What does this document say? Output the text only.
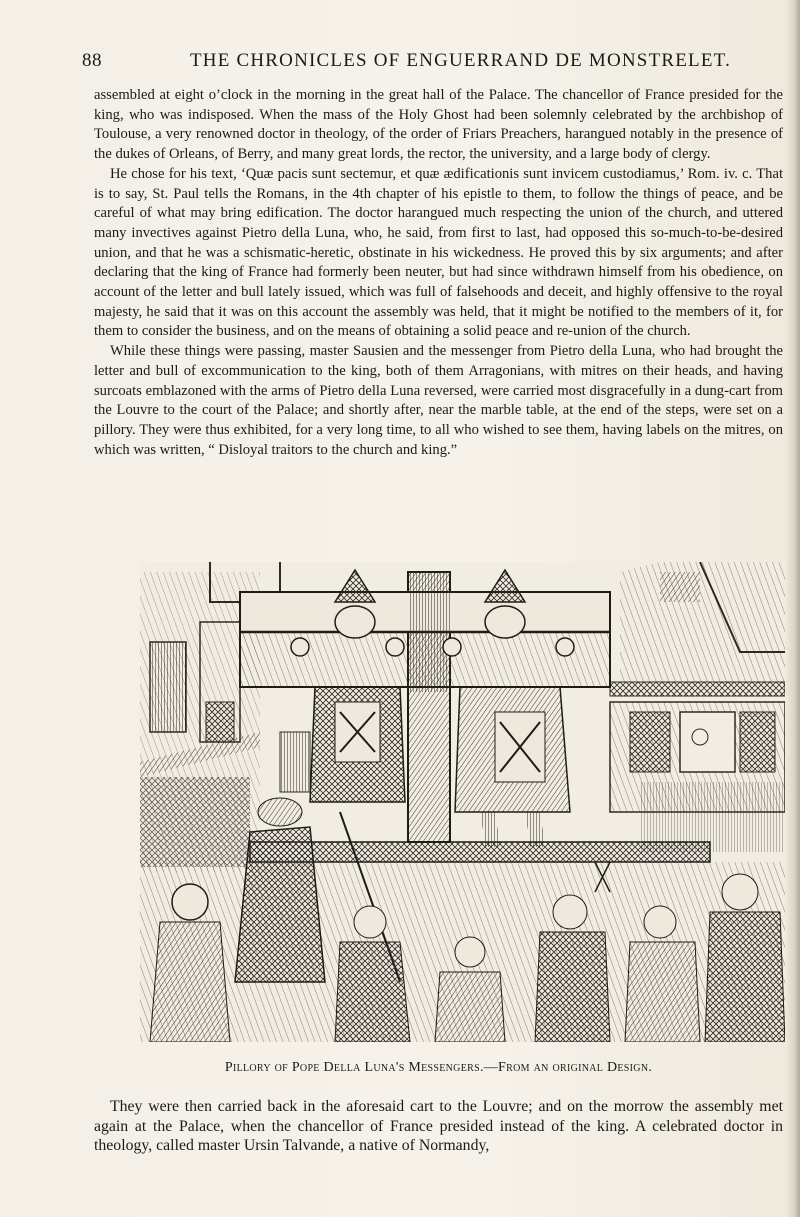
88	THE CHRONICLES OF ENGUERRAND DE MONSTRELET.

assembled at eight o’clock in the morning in the great hall of the Palace. The chancellor of France presided for the king, who was indisposed. When the mass of the Holy Ghost had been solemnly celebrated by the archbishop of Toulouse, a very renowned doctor in theology, of the order of Friars Preachers, harangued notably in the presence of the dukes of Orleans, of Berry, and many great lords, the rector, the university, and a large body of clergy.

He chose for his text, ‘Quæ pacis sunt sectemur, et quæ ædificationis sunt invicem custodiamus,’ Rom. iv. c. That is to say, St. Paul tells the Romans, in the 4th chapter of his epistle to them, to follow the things of peace, and be careful of what may bring edification. The doctor harangued much respecting the union of the church, and uttered many invectives against Pietro della Luna, who, he said, from first to last, had opposed this so-much-to-be-desired union, and that he was a schismatic-heretic, obstinate in his wickedness. He proved this by six arguments; and after declaring that the king of France had formerly been neuter, but had since withdrawn himself from his obedience, on account of the letter and bull lately issued, which was full of falsehoods and deceit, and highly offensive to the royal majesty, he said that it was on this account the assembly was held, that it might be notified to the members of it, for them to consider the business, and on the means of obtaining a solid peace and re-union of the church.

While these things were passing, master Sausien and the messenger from Pietro della Luna, who had brought the letter and bull of excommunication to the king, both of them Arragonians, with mitres on their heads, and having surcoats emblazoned with the arms of Pietro della Luna reversed, were carried most disgracefully in a dung-cart from the Louvre to the court of the Palace; and shortly after, near the marble table, at the end of the steps, were set on a pillory. They were thus exhibited, for a very long time, to all who wished to see them, having labels on the mitres, on which was written, “ Disloyal traitors to the church and king.”

Pillory of Pope Della Luna's Messengers.—From an original Design.

They were then carried back in the aforesaid cart to the Louvre; and on the morrow the assembly met again at the Palace, when the chancellor of France presided instead of the king. A celebrated doctor in theology, called master Ursin Talvande, a native of Normandy,
